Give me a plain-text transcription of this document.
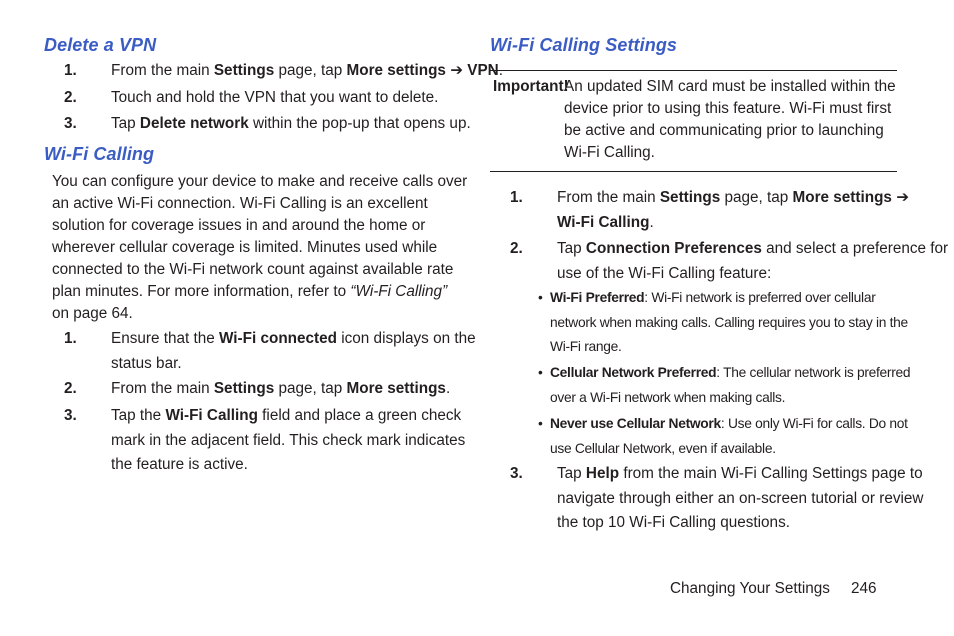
Delete a VPN
1. From the main Settings page, tap More settings ➔ VPN.
2. Touch and hold the VPN that you want to delete.
3. Tap Delete network within the pop-up that opens up.
Wi-Fi Calling
You can configure your device to make and receive calls over
an active Wi-Fi connection. Wi-Fi Calling is an excellent
solution for coverage issues in and around the home or
wherever cellular coverage is limited. Minutes used while
connected to the Wi-Fi network count against available rate
plan minutes. For more information, refer to “Wi-Fi Calling”
on page 64.
1. Ensure that the Wi-Fi connected icon displays on the
status bar.
2. From the main Settings page, tap More settings.
3. Tap the Wi-Fi Calling field and place a green check
mark in the adjacent field. This check mark indicates
the feature is active.
Wi-Fi Calling Settings
Important!
An updated SIM card must be installed within the
device prior to using this feature. Wi-Fi must first
be active and communicating prior to launching
Wi-Fi Calling.
1. From the main Settings page, tap More settings ➔
Wi-Fi Calling.
2. Tap Connection Preferences and select a preference for
use of the Wi-Fi Calling feature:
• Wi-Fi Preferred: Wi-Fi network is preferred over cellular
network when making calls. Calling requires you to stay in the
Wi-Fi range.
• Cellular Network Preferred: The cellular network is preferred
over a Wi-Fi network when making calls.
• Never use Cellular Network: Use only Wi-Fi for calls. Do not
use Cellular Network, even if available.
3. Tap Help from the main Wi-Fi Calling Settings page to
navigate through either an on-screen tutorial or review
the top 10 Wi-Fi Calling questions.
Changing Your Settings 246
